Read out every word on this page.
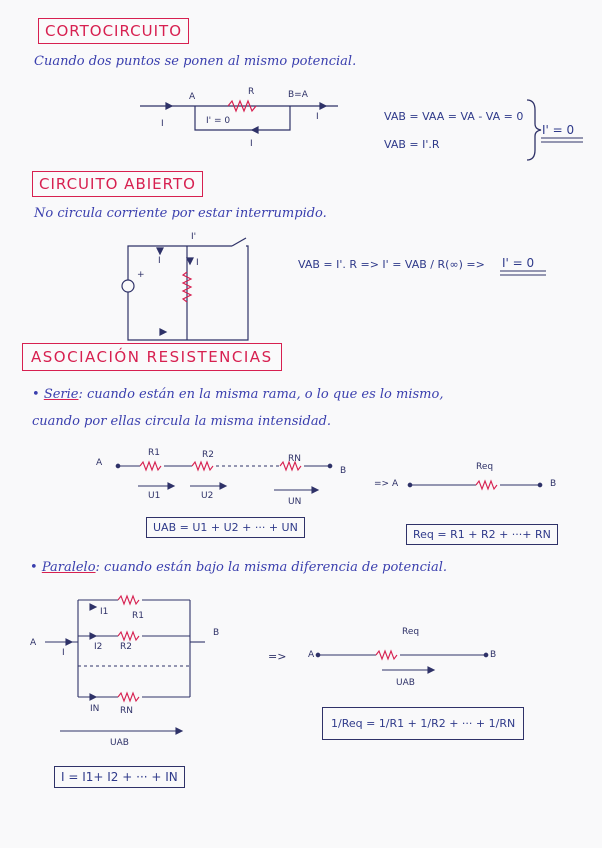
CORTOCIRCUITO
Cuando dos puntos se ponen al mismo potencial.
A	R	B=A
I	I' = 0	I
I
VAB = VAA = VA - VA = 0
VAB = I'.R
I' = 0
CIRCUITO ABIERTO
No circula corriente por estar interrumpido.
I'
I	I
+
VAB = I'. R => I' = VAB / R(∞) => I' = 0
ASOCIACIÓN RESISTENCIAS
• Serie: cuando están en la misma rama, o lo que es lo mismo,
cuando por ellas circula la misma intensidad.
A
R1	R2	RN
B
U1	U2
UN
=> A
Req
B
UAB = U1 + U2 + ··· + UN
Req = R1 + R2 + ···+ RN
• Paralelo: cuando están bajo la misma diferencia de potencial.
A
I
B
I1	R1
I2 R2
IN RN
UAB
=> A
Req
B
UAB
1/Req = 1/R1 + 1/R2 + ··· + 1/RN
I = I1+ I2 + ··· + IN
